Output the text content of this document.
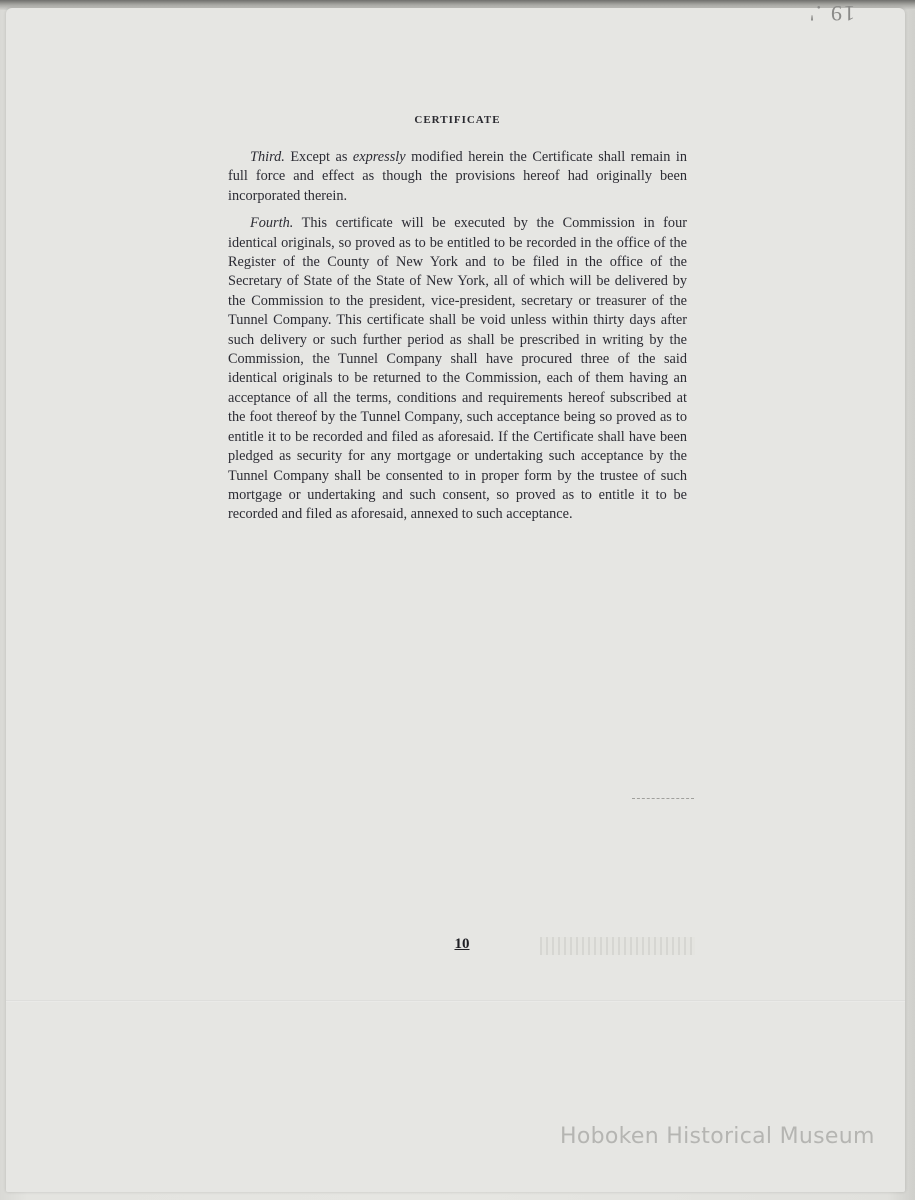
19 .'
CERTIFICATE

Third. Except as expressly modified herein the Certificate shall remain in full force and effect as though the provisions hereof had originally been incorporated therein.

Fourth. This certificate will be executed by the Commission in four identical originals, so proved as to be entitled to be recorded in the office of the Register of the County of New York and to be filed in the office of the Secretary of State of the State of New York, all of which will be delivered by the Commission to the president, vice-president, secretary or treasurer of the Tunnel Company. This certificate shall be void unless within thirty days after such delivery or such further period as shall be prescribed in writing by the Commission, the Tunnel Company shall have procured three of the said identical originals to be returned to the Commission, each of them having an acceptance of all the terms, conditions and requirements hereof subscribed at the foot thereof by the Tunnel Company, such acceptance being so proved as to entitle it to be recorded and filed as aforesaid. If the Certificate shall have been pledged as security for any mortgage or undertaking such acceptance by the Tunnel Company shall be consented to in proper form by the trustee of such mortgage or undertaking and such consent, so proved as to entitle it to be recorded and filed as aforesaid, annexed to such acceptance.

10
Hoboken Historical Museum
